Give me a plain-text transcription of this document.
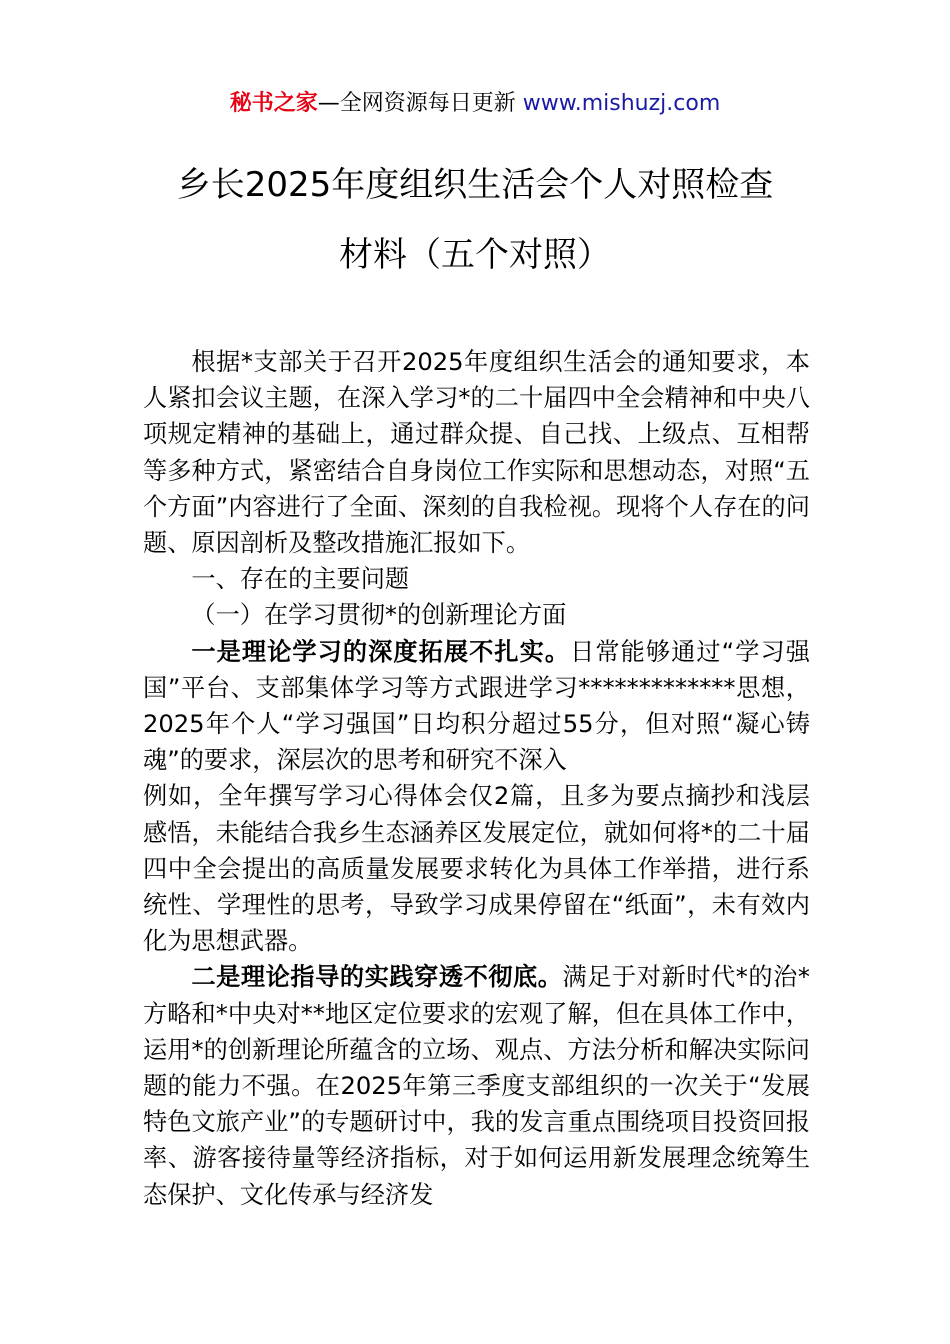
秘书之家—全网资源每日更新 www.mishuzj.com
乡长2025年度组织生活会个人对照检查
材料（五个对照）

根据*支部关于召开2025年度组织生活会的通知要求，本人紧扣会议主题，在深入学习*的二十届四中全会精神和中央八项规定精神的基础上，通过群众提、自己找、上级点、互相帮等多种方式，紧密结合自身岗位工作实际和思想动态，对照“五个方面”内容进行了全面、深刻的自我检视。现将个人存在的问题、原因剖析及整改措施汇报如下。

一、存在的主要问题

（一）在学习贯彻*的创新理论方面

一是理论学习的深度拓展不扎实。日常能够通过“学习强国”平台、支部集体学习等方式跟进学习*************思想，2025年个人“学习强国”日均积分超过55分，但对照“凝心铸魂”的要求，深层次的思考和研究不深入

例如，全年撰写学习心得体会仅2篇，且多为要点摘抄和浅层感悟，未能结合我乡生态涵养区发展定位，就如何将*的二十届四中全会提出的高质量发展要求转化为具体工作举措，进行系统性、学理性的思考，导致学习成果停留在“纸面”，未有效内化为思想武器。

二是理论指导的实践穿透不彻底。满足于对新时代*的治*方略和*中央对**地区定位要求的宏观了解，但在具体工作中，运用*的创新理论所蕴含的立场、观点、方法分析和解决实际问题的能力不强。在2025年第三季度支部组织的一次关于“发展特色文旅产业”的专题研讨中，我的发言重点围绕项目投资回报率、游客接待量等经济指标，对于如何运用新发展理念统筹生态保护、文化传承与经济发
